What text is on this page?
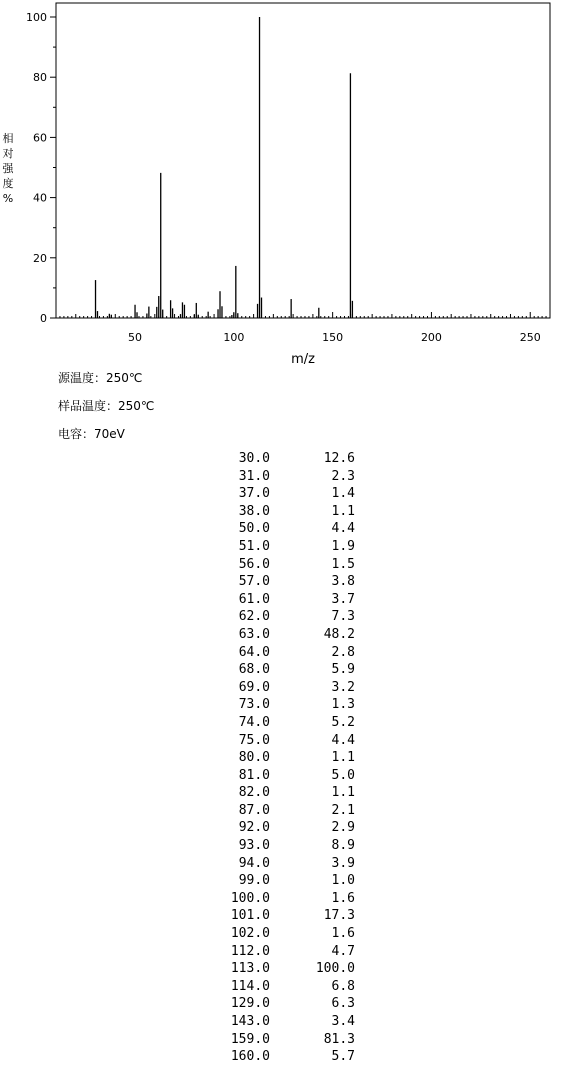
相
对
强
度
%
0
20
40
60
80
100
50	100	150	200	250
m/z
源温度：250℃
样品温度：250℃
电容：70eV
30.0	12.6
31.0	2.3
37.0	1.4
38.0	1.1
50.0	4.4
51.0	1.9
56.0	1.5
57.0	3.8
61.0	3.7
62.0	7.3
63.0	48.2
64.0	2.8
68.0	5.9
69.0	3.2
73.0	1.3
74.0	5.2
75.0	4.4
80.0	1.1
81.0	5.0
82.0	1.1
87.0	2.1
92.0	2.9
93.0	8.9
94.0	3.9
99.0	1.0
100.0	1.6
101.0	17.3
102.0	1.6
112.0	4.7
113.0	100.0
114.0	6.8
129.0	6.3
143.0	3.4
159.0	81.3
160.0	5.7
